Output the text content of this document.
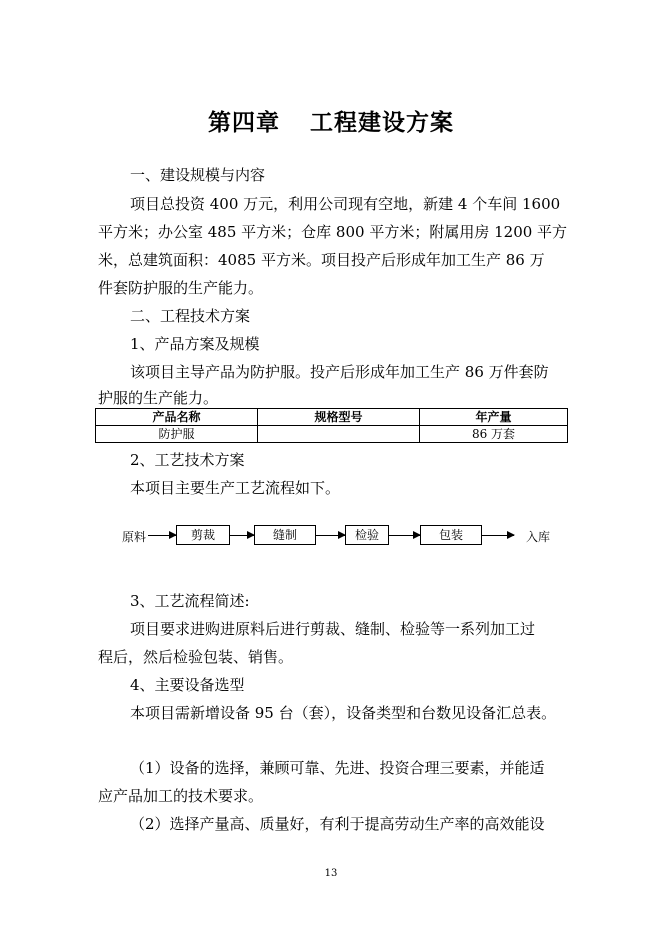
第四章 工程建设方案
一、建设规模与内容
项目总投资 400 万元，利用公司现有空地，新建 4 个车间 1600
平方米；办公室 485 平方米；仓库 800 平方米；附属用房 1200 平方
米，总建筑面积：4085 平方米。项目投产后形成年加工生产 86 万
件套防护服的生产能力。
二、工程技术方案
1、产品方案及规模
该项目主导产品为防护服。投产后形成年加工生产 86 万件套防
护服的生产能力。
产品名称	规格型号	年产量
防护服		86 万套
2、工艺技术方案
本项目主要生产工艺流程如下。
原料	剪裁	缝制	检验	包装	入库
3、工艺流程简述:
项目要求进购进原料后进行剪裁、缝制、检验等一系列加工过
程后，然后检验包装、销售。
4、主要设备选型
本项目需新增设备 95 台（套），设备类型和台数见设备汇总表。
（1）设备的选择，兼顾可靠、先进、投资合理三要素，并能适
应产品加工的技术要求。
（2）选择产量高、质量好，有利于提高劳动生产率的高效能设
13
